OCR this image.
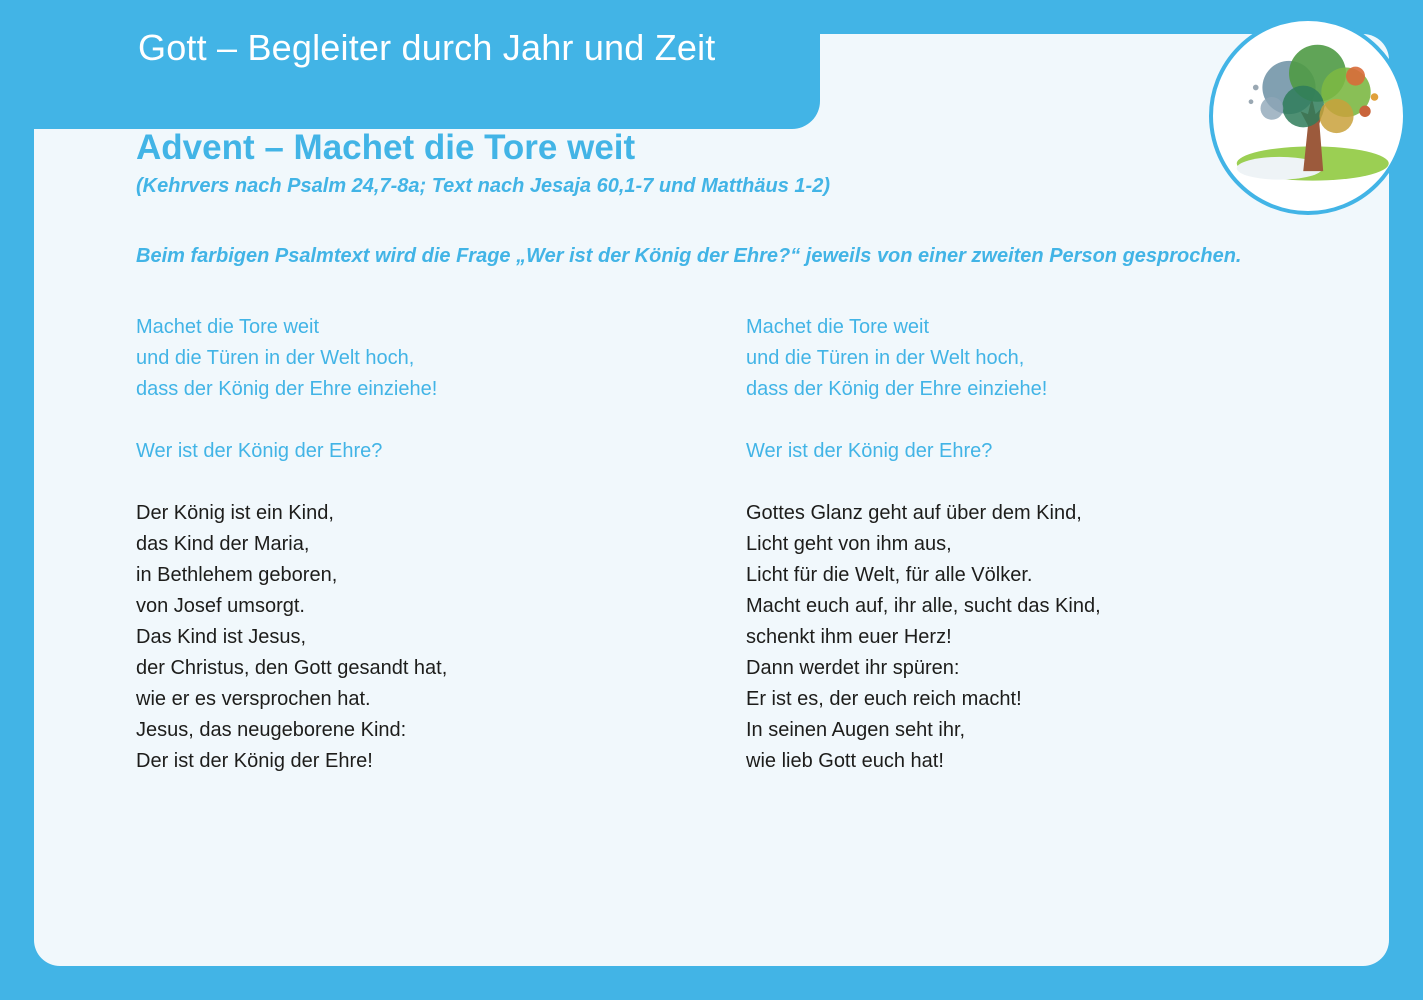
Gott – Begleiter durch Jahr und Zeit
Advent – Machet die Tore weit
(Kehrvers nach Psalm 24,7-8a; Text nach Jesaja 60,1-7 und Matthäus 1-2)
Beim farbigen Psalmtext wird die Frage „Wer ist der König der Ehre?“ jeweils von einer zweiten Person gesprochen.
Machet die Tore weit
und die Türen in der Welt hoch,
dass der König der Ehre einziehe!
Wer ist der König der Ehre?
Der König ist ein Kind,
das Kind der Maria,
in Bethlehem geboren,
von Josef umsorgt.
Das Kind ist Jesus,
der Christus, den Gott gesandt hat,
wie er es versprochen hat.
Jesus, das neugeborene Kind:
Der ist der König der Ehre!
Machet die Tore weit
und die Türen in der Welt hoch,
dass der König der Ehre einziehe!
Wer ist der König der Ehre?
Gottes Glanz geht auf über dem Kind,
Licht geht von ihm aus,
Licht für die Welt, für alle Völker.
Macht euch auf, ihr alle, sucht das Kind,
schenkt ihm euer Herz!
Dann werdet ihr spüren:
Er ist es, der euch reich macht!
In seinen Augen seht ihr,
wie lieb Gott euch hat!
